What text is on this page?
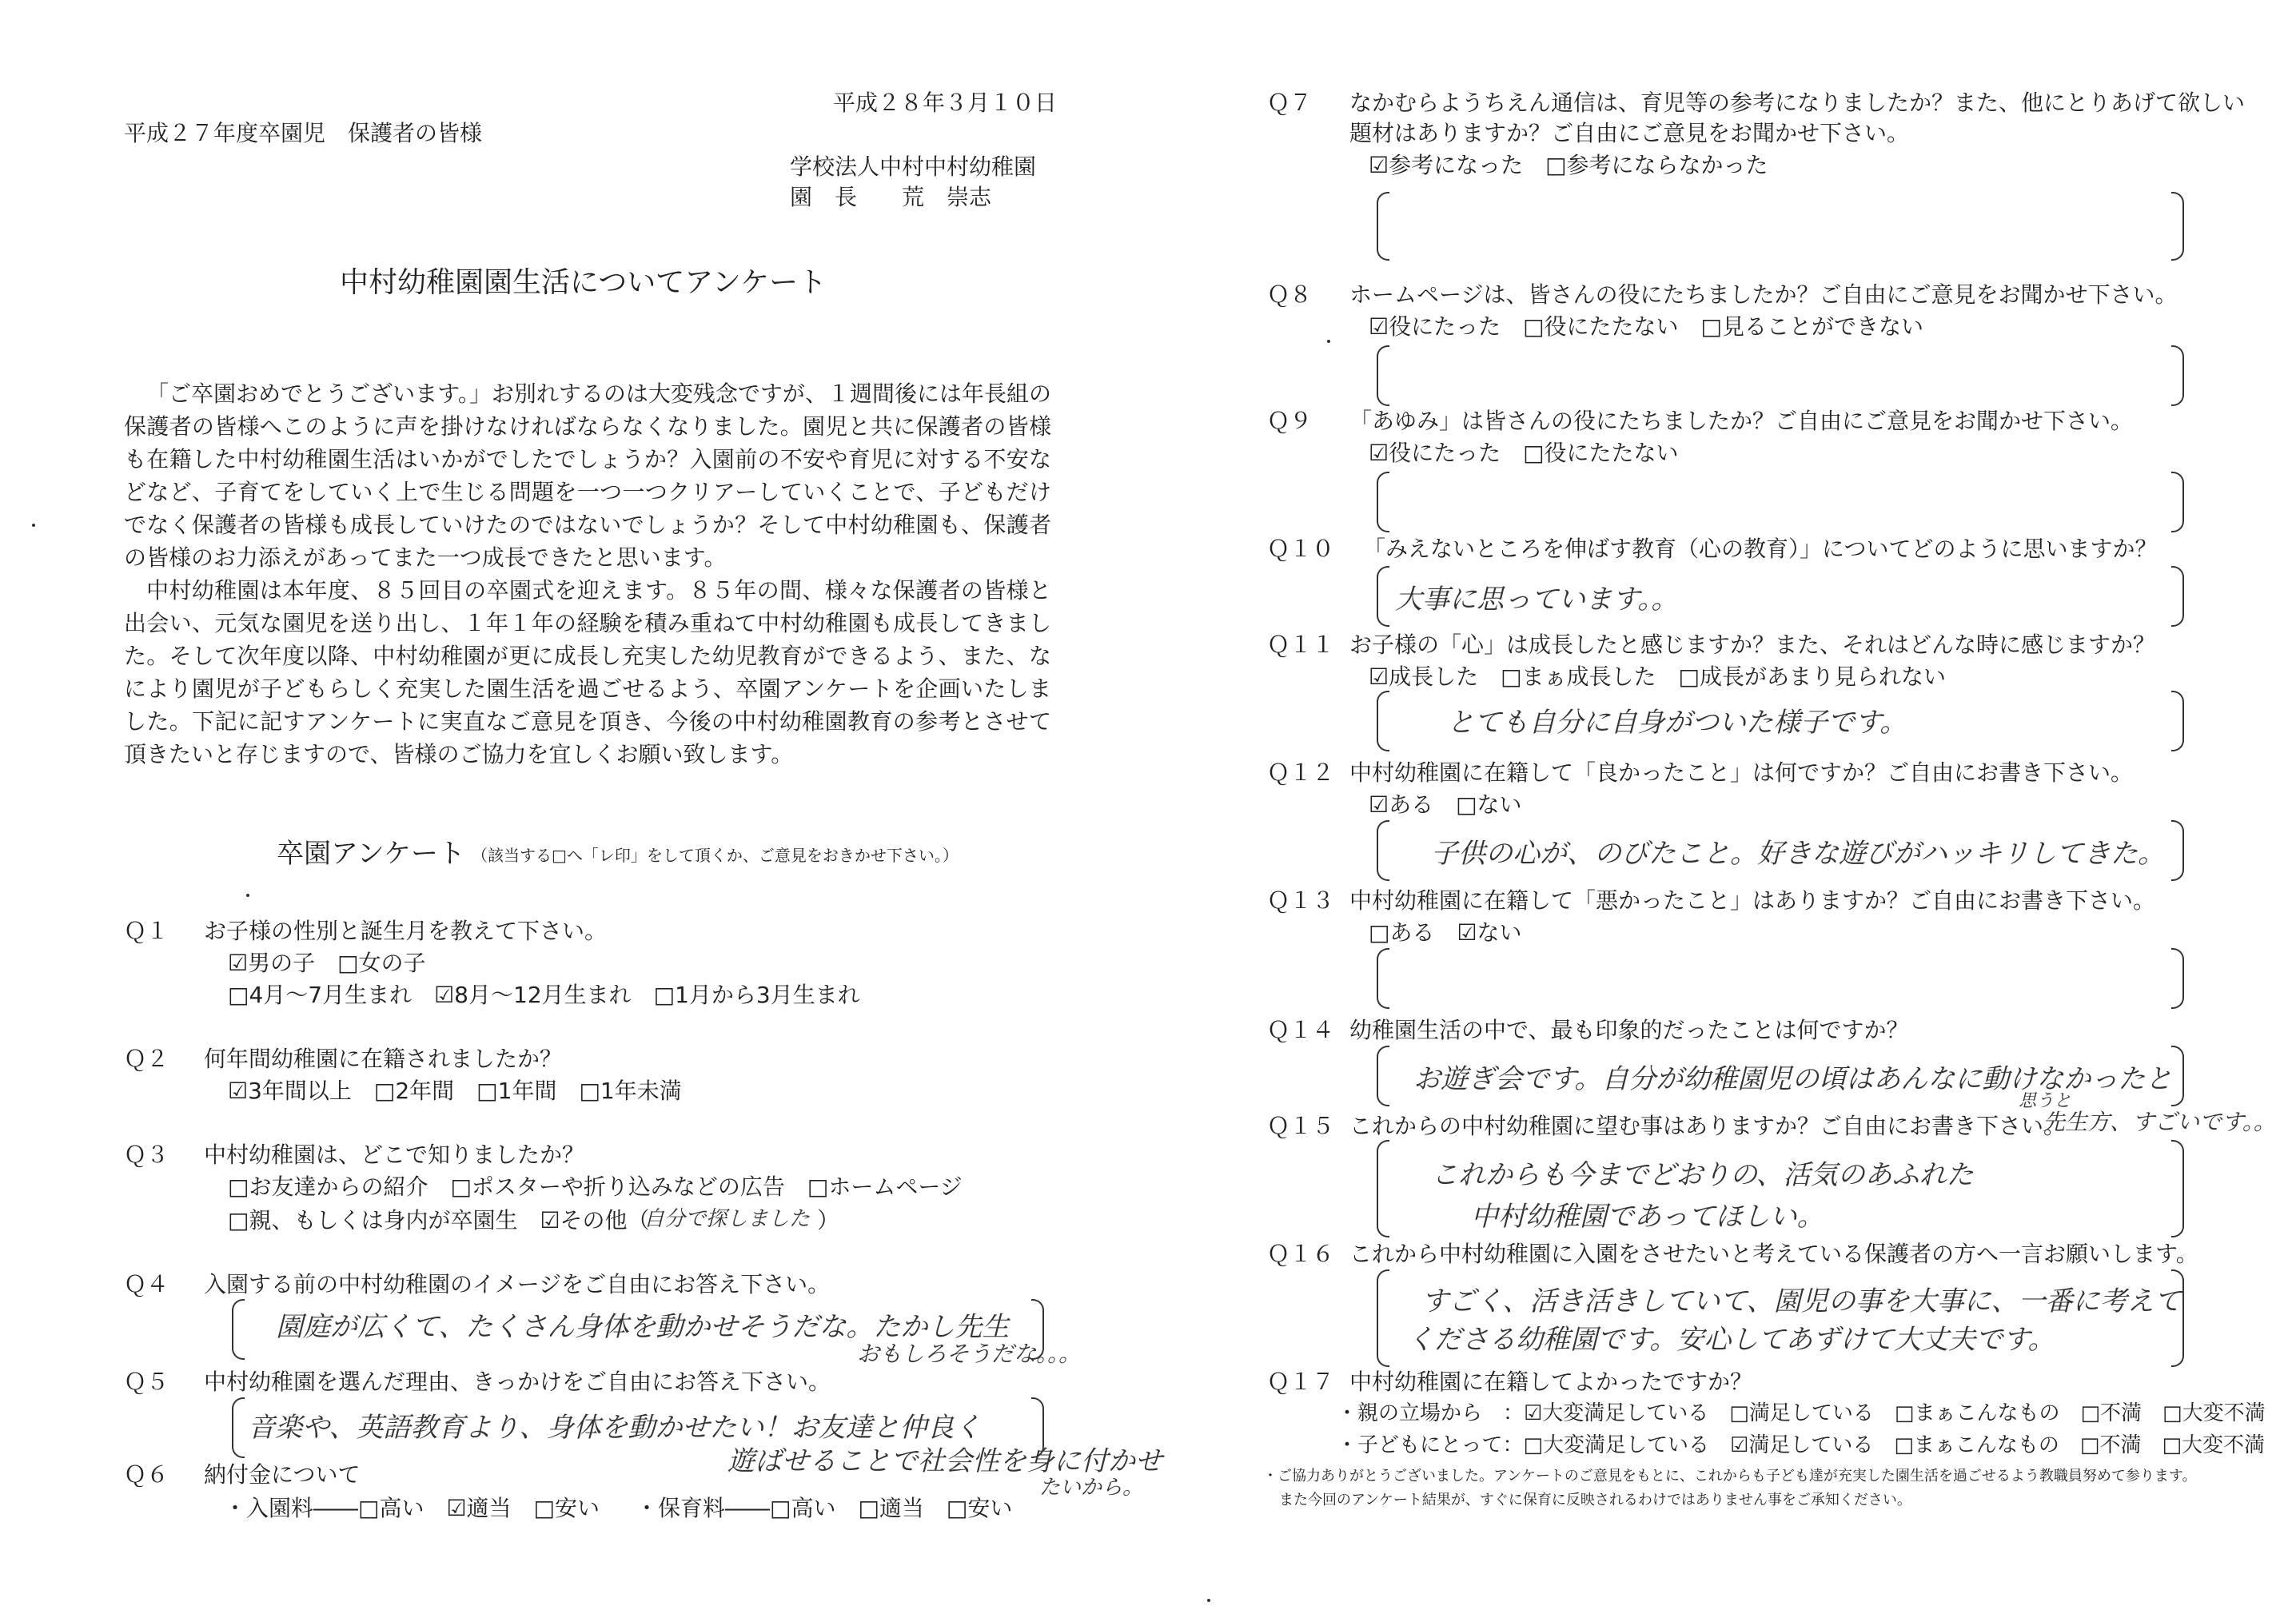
平成２８年３月１０日
平成２７年度卒園児　保護者の皆様
学校法人中村中村幼稚園
園　長　　荒　崇志
中村幼稚園園生活についてアンケート

「ご卒園おめでとうございます。」お別れするのは大変残念ですが、１週間後には年長組の保護者の皆様へこのように声を掛けなければならなくなりました。園児と共に保護者の皆様も在籍した中村幼稚園生活はいかがでしたでしょうか？入園前の不安や育児に対する不安などなど、子育てをしていく上で生じる問題を一つ一つクリアーしていくことで、子どもだけでなく保護者の皆様も成長していけたのではないでしょうか？そして中村幼稚園も、保護者の皆様のお力添えがあってまた一つ成長できたと思います。

中村幼稚園は本年度、８５回目の卒園式を迎えます。８５年の間、様々な保護者の皆様と出会い、元気な園児を送り出し、１年１年の経験を積み重ねて中村幼稚園も成長してきました。そして次年度以降、中村幼稚園が更に成長し充実した幼児教育ができるよう、また、なにより園児が子どもらしく充実した園生活を過ごせるよう、卒園アンケートを企画いたしました。下記に記すアンケートに実直なご意見を頂き、今後の中村幼稚園教育の参考とさせて頂きたいと存じますので、皆様のご協力を宜しくお願い致します。

卒園アンケート （該当する□へ「レ印」をして頂くか、ご意見をおきかせ下さい。）
Ｑ１ お子様の性別と誕生月を教えて下さい。
☑男の子　□女の子
□4月～7月生まれ　☑8月～12月生まれ　□1月から3月生まれ
Ｑ２ 何年間幼稚園に在籍されましたか？
☑3年間以上　□2年間　□1年間　□1年未満
Ｑ３ 中村幼稚園は、どこで知りましたか？
□お友達からの紹介　□ポスターや折り込みなどの広告　□ホームページ
□親、もしくは身内が卒園生　☑その他（
自分で探しました ）
Ｑ４ 入園する前の中村幼稚園のイメージをご自由にお答え下さい。
園庭が広くて、たくさん身体を動かせそうだな。たかし先生
おもしろそうだな。。。
Ｑ５ 中村幼稚園を選んだ理由、きっかけをご自由にお答え下さい。
音楽や、英語教育より、身体を動かせたい！お友達と仲良く
遊ばせることで社会性を身に付かせ
たいから。
Ｑ６ 納付金について
・入園料――□高い　☑適当　□安い ・保育料――□高い　□適当　□安い
Ｑ７ なかむらようちえん通信は、育児等の参考になりましたか？また、他にとりあげて欲しい
題材はありますか？ご自由にご意見をお聞かせ下さい。
☑参考になった　□参考にならなかった
Ｑ８ ホームページは、皆さんの役にたちましたか？ご自由にご意見をお聞かせ下さい。
☑役にたった　□役にたたない　□見ることができない
Ｑ９ 「あゆみ」は皆さんの役にたちましたか？ご自由にご意見をお聞かせ下さい。
☑役にたった　□役にたたない
Ｑ１０ 「みえないところを伸ばす教育（心の教育）」についてどのように思いますか？
大事に思っています。。
Ｑ１１ お子様の「心」は成長したと感じますか？また、それはどんな時に感じますか？
☑成長した　□まぁ成長した　□成長があまり見られない
とても自分に自身がついた様子です。
Ｑ１２ 中村幼稚園に在籍して「良かったこと」は何ですか？ご自由にお書き下さい。
☑ある　□ない
子供の心が、のびたこと。好きな遊びがハッキリしてきた。
Ｑ１３ 中村幼稚園に在籍して「悪かったこと」はありますか？ご自由にお書き下さい。
□ある　☑ない
Ｑ１４ 幼稚園生活の中で、最も印象的だったことは何ですか？
お遊ぎ会です。自分が幼稚園児の頃はあんなに動けなかったと
思うと
先生方、すごいです。。
Ｑ１５ これからの中村幼稚園に望む事はありますか？ご自由にお書き下さい。
これからも今までどおりの、活気のあふれた
中村幼稚園であってほしい。
Ｑ１６ これから中村幼稚園に入園をさせたいと考えている保護者の方へ一言お願いします。
すごく、活き活きしていて、園児の事を大事に、一番に考えて
くださる幼稚園です。安心してあずけて大丈夫です。
Ｑ１７ 中村幼稚園に在籍してよかったですか？
・親の立場から　：☑大変満足している　□満足している　□まぁこんなもの　□不満　□大変不満
・子どもにとって：□大変満足している　☑満足している　□まぁこんなもの　□不満　□大変不満
・ご協力ありがとうございました。アンケートのご意見をもとに、これからも子ども達が充実した園生活を過ごせるよう教職員努めて参ります。
また今回のアンケート結果が、すぐに保育に反映されるわけではありません事をご承知ください。
